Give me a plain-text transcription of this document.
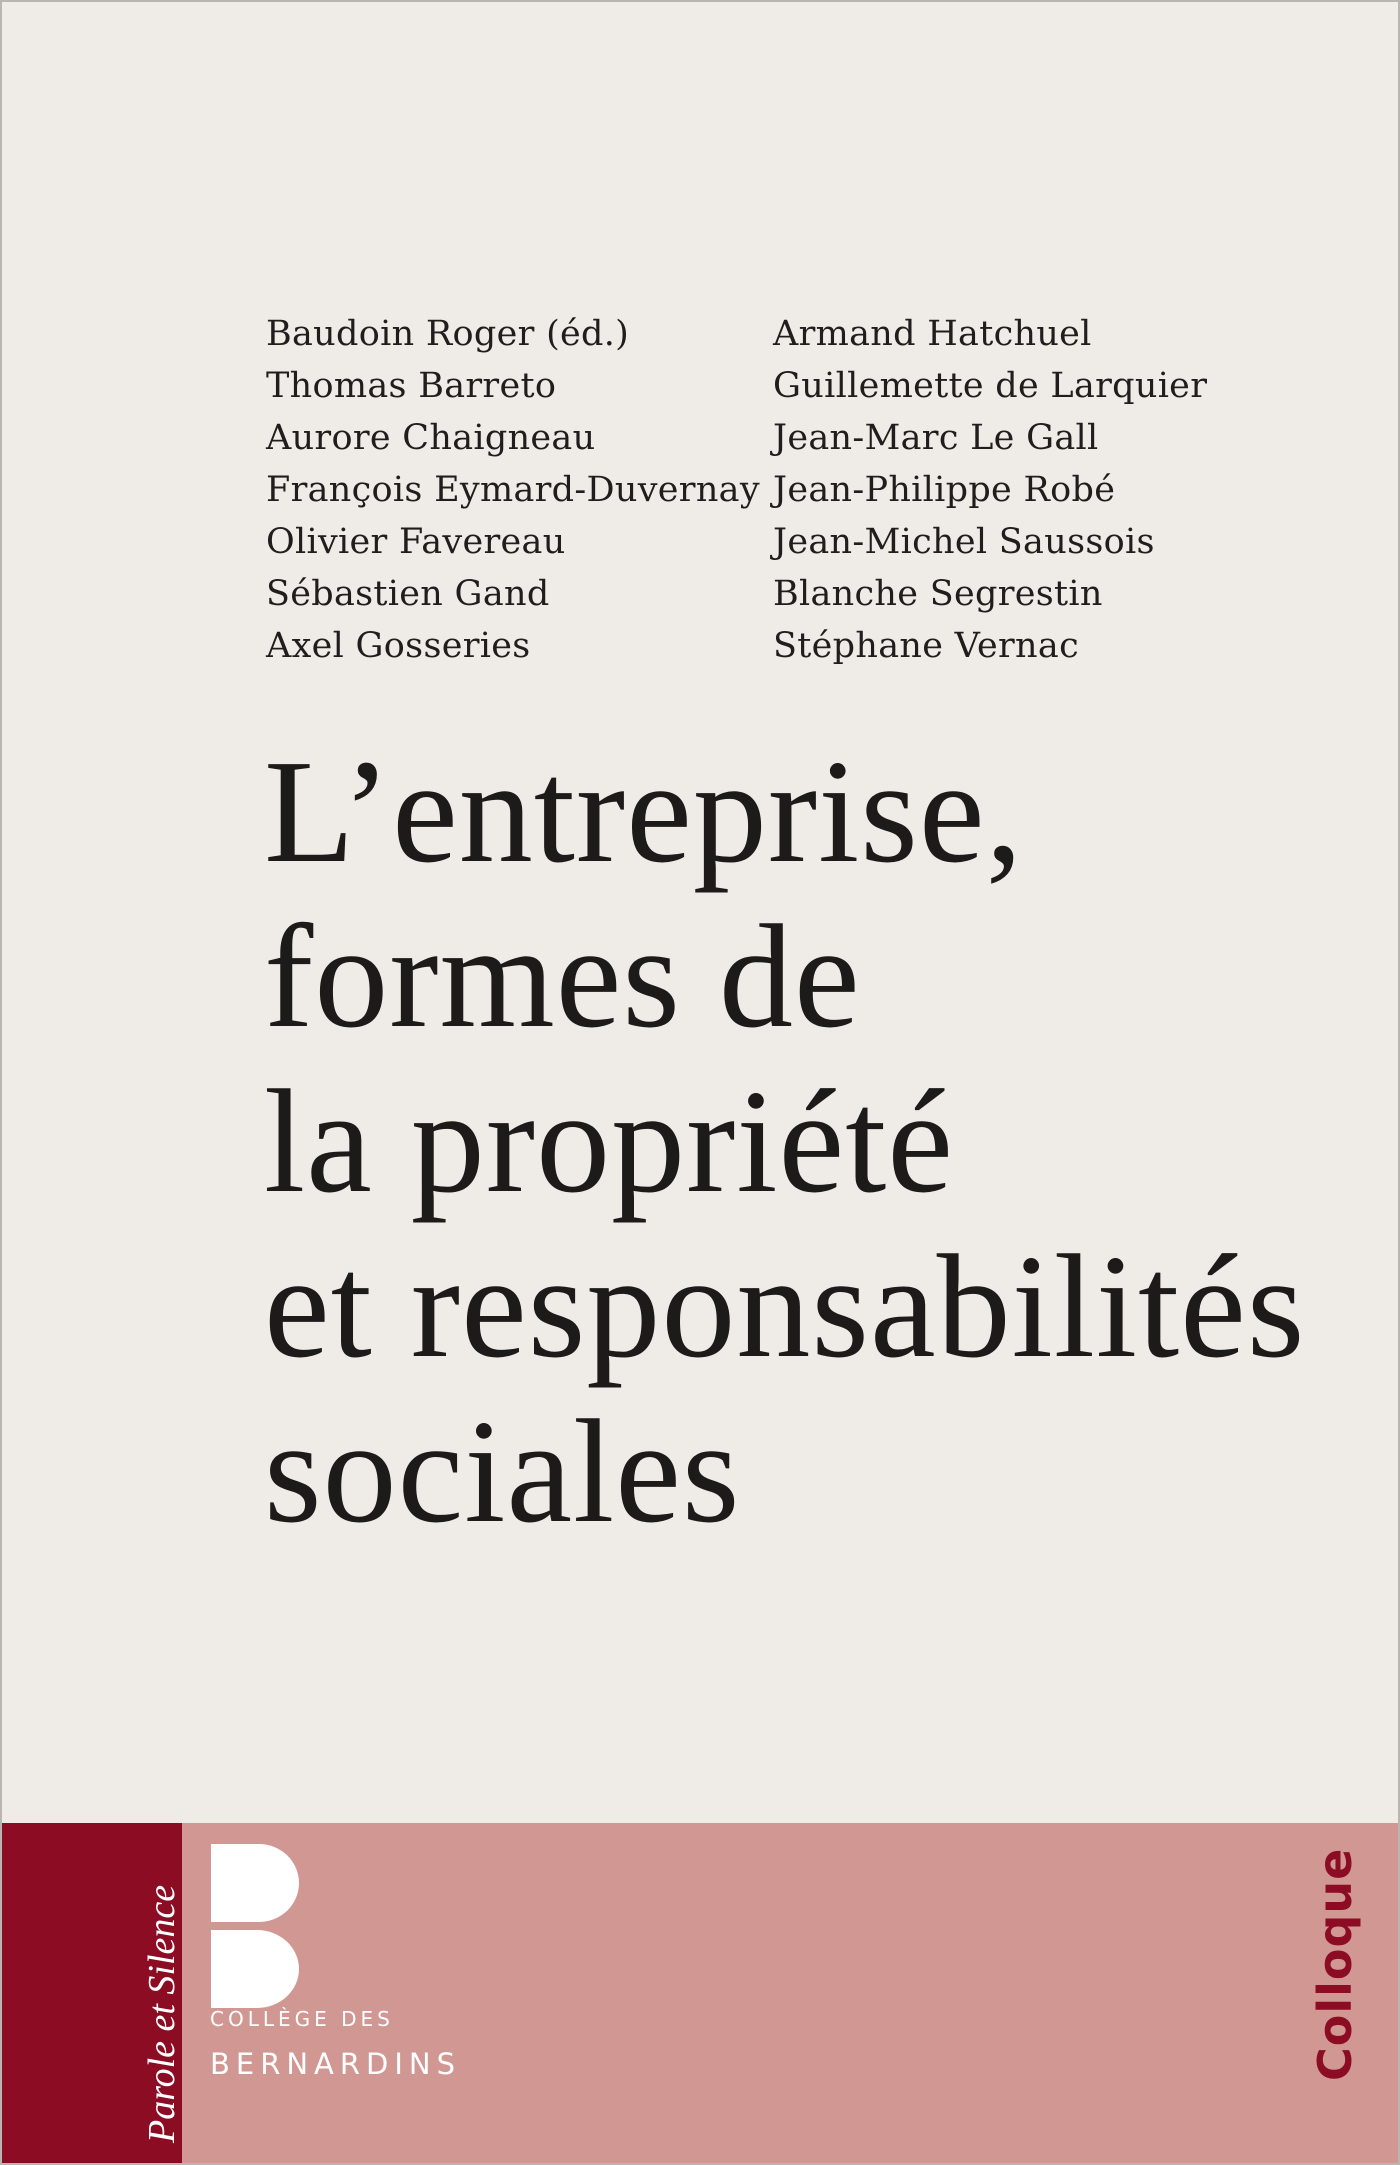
Baudoin Roger (éd.)
Thomas Barreto
Aurore Chaigneau
François Eymard-Duvernay
Olivier Favereau
Sébastien Gand
Axel Gosseries
Armand Hatchuel
Guillemette de Larquier
Jean-Marc Le Gall
Jean-Philippe Robé
Jean-Michel Saussois
Blanche Segrestin
Stéphane Vernac
L’entreprise,
formes de
la propriété
et responsabilités
sociales
Parole et Silence COLLÈGE DES
BERNARDINS	Colloque
